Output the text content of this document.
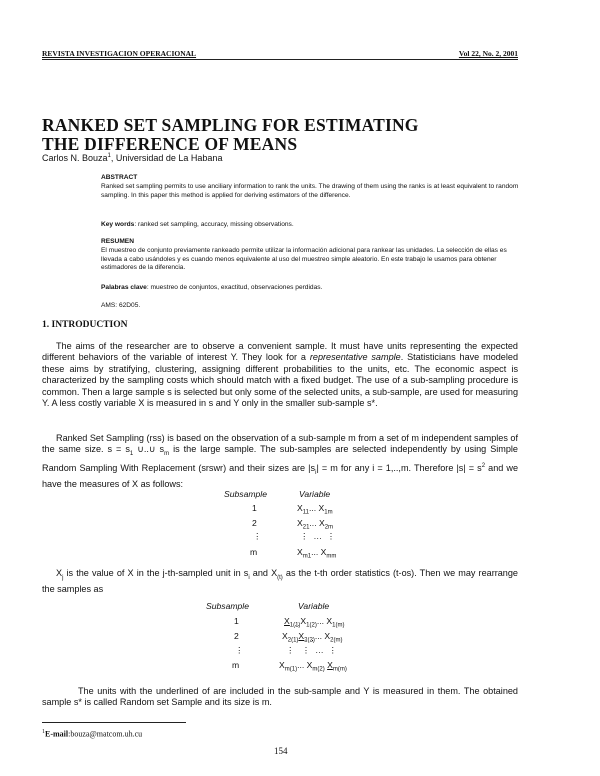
REVISTA INVESTIGACION OPERACIONAL	Vol 22, No. 2, 2001
RANKED SET SAMPLING FOR ESTIMATING
THE DIFFERENCE OF MEANS
Carlos N. Bouza$^1$, Universidad de La Habana
ABSTRACT
Ranked set sampling permits to use anciliary information to rank the units. The drawing of them using the ranks is at least equivalent to random sampling. In this paper this method is applied for deriving estimators of the difference.
Key words: ranked set sampling, accuracy, missing observations.
RESUMEN
El muestreo de conjunto previamente rankeado permite utilizar la información adicional para rankear las unidades. La selección de ellas es llevada a cabo usándoles y es cuando menos equivalente al uso del muestreo simple aleatorio. En este trabajo le usamos para obtener estimadores de la diferencia.
Palabras clave: muestreo de conjuntos, exactitud, observaciones perdidas.
AMS: 62D05.
1. INTRODUCTION
The aims of the researcher are to observe a convenient sample. It must have units representing the expected different behaviors of the variable of interest Y. They look for a representative sample. Statisticians have modeled these aims by stratifying, clustering, assigning different probabilities to the units, etc. The economic aspect is characterized by the sampling costs which should match with a fixed budget. The use of a sub-sampling procedure is common. Then a large sample s is selected but only some of the selected units, a sub-sample, are used for measuring Y. A less costly variable X is measured in s and Y only in the smaller sub-sample s*.
Ranked Set Sampling (rss) is based on the observation of a sub-sample m from a set of m independent samples of the same size. $s = s_1$ ∪..∪ $s_m$ is the large sample. The sub-samples are selected independently by using Simple Random Sampling With Replacement (srswr) and their sizes are $|s_i| = m$ for any i = 1,..,m. Therefore $|s| = s^2$ and we have the measures of X as follows:
Subsample	Variable
1	$X_{11}$... $X_{1m}$
2	$X_{21}$... $X_{2m}$
⋮	⋮  …  ⋮
m	$X_{m1}$... $X_{mm}$
$X_j$ is the value of X in the j-th-sampled unit in $s_i$ and $X_{(t)}$ as the t-th order statistics (t-os). Then we may rearrange the samples as
Subsample	Variable
1	$X_{1(1)}X_{1(2)}$... $X_{1(m)}$
2	$X_{2(1)}X_{2(2)}$... $X_{2(m)}$
⋮	⋮   ⋮  …  ⋮
m	$X_{m(1)}$... $X_{m(2)}$ $X_{m(m)}$
The units with the underlined of are included in the sub-sample and Y is measured in them. The obtained sample s* is called Random set Sample and its size is m.
$^1$E-mail:bouza@matcom.uh.cu
154
